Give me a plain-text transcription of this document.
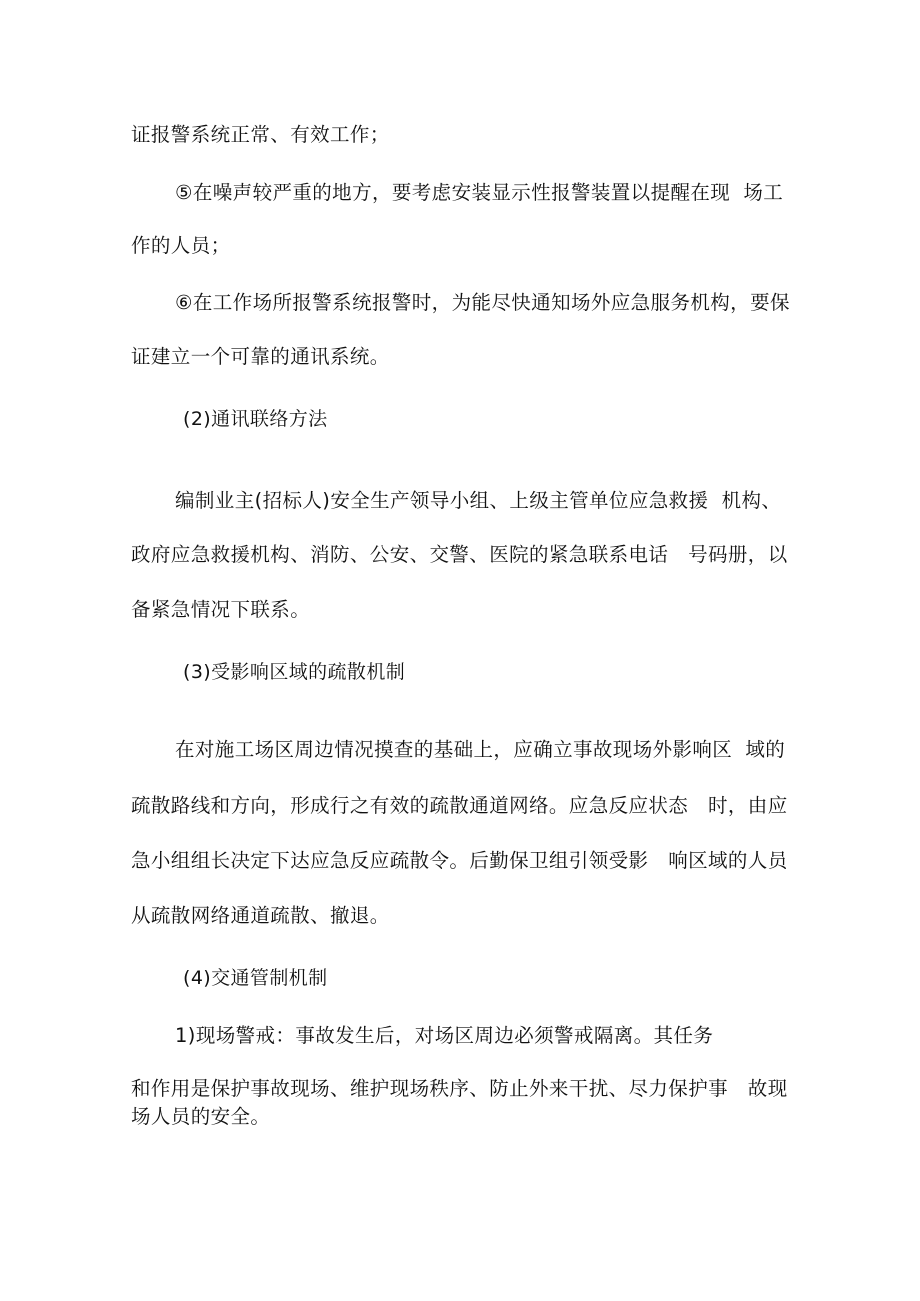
证报警系统正常、有效工作；
⑤在噪声较严重的地方，要考虑安装显示性报警装置以提醒在现  场工
作的人员；
⑥在工作场所报警系统报警时，为能尽快通知场外应急服务机构，要保
证建立一个可靠的通讯系统。
(2)通讯联络方法
编制业主(招标人)安全生产领导小组、上级主管单位应急救援  机构、
政府应急救援机构、消防、公安、交警、医院的紧急联系电话   号码册，以
备紧急情况下联系。
(3)受影响区域的疏散机制
在对施工场区周边情况摸查的基础上，应确立事故现场外影响区  域的
疏散路线和方向，形成行之有效的疏散通道网络。应急反应状态   时，由应
急小组组长决定下达应急反应疏散令。后勤保卫组引领受影   响区域的人员
从疏散网络通道疏散、撤退。
(4)交通管制机制
1)现场警戒：事故发生后，对场区周边必须警戒隔离。其任务
和作用是保护事故现场、维护现场秩序、防止外来干扰、尽力保护事   故现
场人员的安全。
